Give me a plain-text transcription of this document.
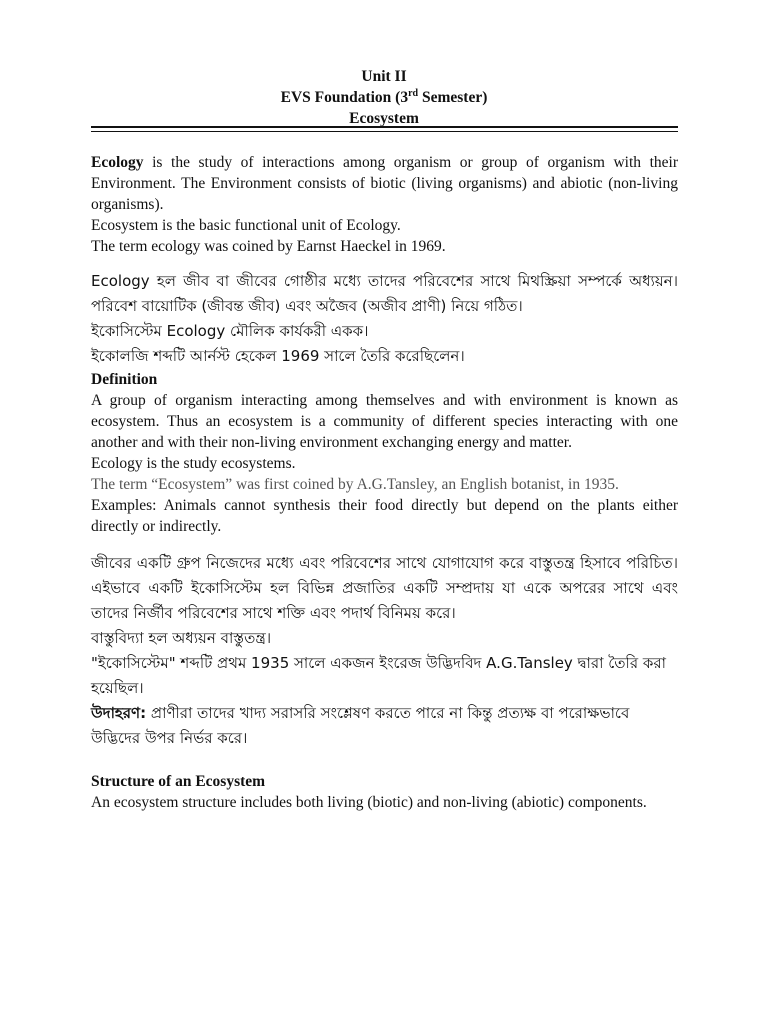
Unit II
EVS Foundation (3rd Semester)
Ecosystem

Ecology is the study of interactions among organism or group of organism with their Environment. The Environment consists of biotic (living organisms) and abiotic (non-living organisms).

Ecosystem is the basic functional unit of Ecology.

The term ecology was coined by Earnst Haeckel in 1969.

Ecology হল জীব বা জীবের গোষ্ঠীর মধ্যে তাদের পরিবেশের সাথে মিথস্ক্রিয়া সম্পর্কে অধ্যয়ন। পরিবেশ বায়োটিক (জীবন্ত জীব) এবং অজৈব (অজীব প্রাণী) নিয়ে গঠিত।

ইকোসিস্টেম Ecology মৌলিক কার্যকরী একক।

ইকোলজি শব্দটি আর্নস্ট হেকেল 1969 সালে তৈরি করেছিলেন।

Definition

A group of organism interacting among themselves and with environment is known as ecosystem. Thus an ecosystem is a community of different species interacting with one another and with their non-living environment exchanging energy and matter.

Ecology is the study ecosystems.

The term “Ecosystem” was first coined by A.G.Tansley, an English botanist, in 1935.

Examples: Animals cannot synthesis their food directly but depend on the plants either directly or indirectly.

জীবের একটি গ্রুপ নিজেদের মধ্যে এবং পরিবেশের সাথে যোগাযোগ করে বাস্তুতন্ত্র হিসাবে পরিচিত। এইভাবে একটি ইকোসিস্টেম হল বিভিন্ন প্রজাতির একটি সম্প্রদায় যা একে অপরের সাথে এবং তাদের নির্জীব পরিবেশের সাথে শক্তি এবং পদার্থ বিনিময় করে।

বাস্তুবিদ্যা হল অধ্যয়ন বাস্তুতন্ত্র।

"ইকোসিস্টেম" শব্দটি প্রথম 1935 সালে একজন ইংরেজ উদ্ভিদবিদ A.G.Tansley দ্বারা তৈরি করা হয়েছিল।

উদাহরণ: প্রাণীরা তাদের খাদ্য সরাসরি সংশ্লেষণ করতে পারে না কিন্তু প্রত্যক্ষ বা পরোক্ষভাবে উদ্ভিদের উপর নির্ভর করে।

Structure of an Ecosystem

An ecosystem structure includes both living (biotic) and non-living (abiotic) components.
